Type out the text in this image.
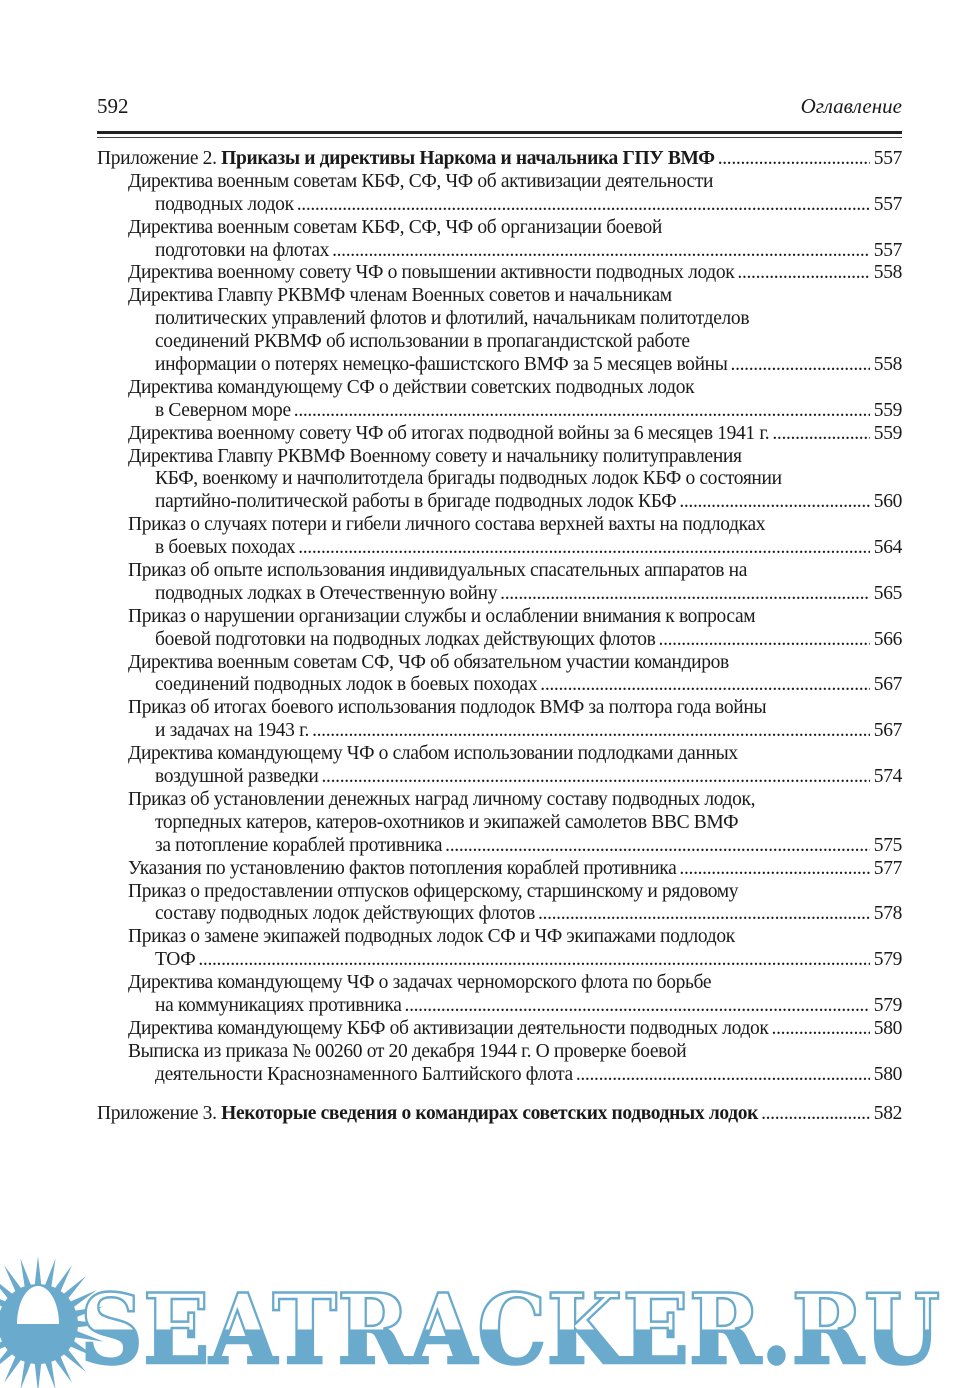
592	Оглавление
Приложение 2. Приказы и директивы Наркома и начальника ГПУ ВМФ . . .	557
Директива военным советам КБФ, СФ, ЧФ об активизации деятельности
подводных лодок . . .	557
Директива военным советам КБФ, СФ, ЧФ об организации боевой
подготовки на флотах . . .	557
Директива военному совету ЧФ о повышении активности подводных лодок . . .	558
Директива Главпу РКВМФ членам Военных советов и начальникам
политических управлений флотов и флотилий, начальникам политотделов
соединений РКВМФ об использовании в пропагандистской работе
информации о потерях немецко-фашистского ВМФ за 5 месяцев войны . . .	558
Директива командующему СФ о действии советских подводных лодок
в Северном море . . .	559
Директива военному совету ЧФ об итогах подводной войны за 6 месяцев 1941 г. . . .	559
Директива Главпу РКВМФ Военному совету и начальнику политуправления
КБФ, военкому и начполитотдела бригады подводных лодок КБФ о состоянии
партийно-политической работы в бригаде подводных лодок КБФ . . .	560
Приказ о случаях потери и гибели личного состава верхней вахты на подлодках
в боевых походах . . .	564
Приказ об опыте использования индивидуальных спасательных аппаратов на
подводных лодках в Отечественную войну . . .	565
Приказ о нарушении организации службы и ослаблении внимания к вопросам
боевой подготовки на подводных лодках действующих флотов . . .	566
Директива военным советам СФ, ЧФ об обязательном участии командиров
соединений подводных лодок в боевых походах . . .	567
Приказ об итогах боевого использования подлодок ВМФ за полтора года войны
и задачах на 1943 г. . . .	567
Директива командующему ЧФ о слабом использовании подлодками данных
воздушной разведки . . .	574
Приказ об установлении денежных наград личному составу подводных лодок,
торпедных катеров, катеров-охотников и экипажей самолетов ВВС ВМФ
за потопление кораблей противника . . .	575
Указания по установлению фактов потопления кораблей противника . . .	577
Приказ о предоставлении отпусков офицерскому, старшинскому и рядовому
составу подводных лодок действующих флотов . . .	578
Приказ о замене экипажей подводных лодок СФ и ЧФ экипажами подлодок
ТОФ . . .	579
Директива командующему ЧФ о задачах черноморского флота по борьбе
на коммуникациях противника . . .	579
Директива командующему КБФ об активизации деятельности подводных лодок . . .	580
Выписка из приказа № 00260 от 20 декабря 1944 г. О проверке боевой
деятельности Краснознаменного Балтийского флота . . .	580
Приложение 3. Некоторые сведения о командирах советских подводных лодок . . .	582
SEATRACKER.RU
